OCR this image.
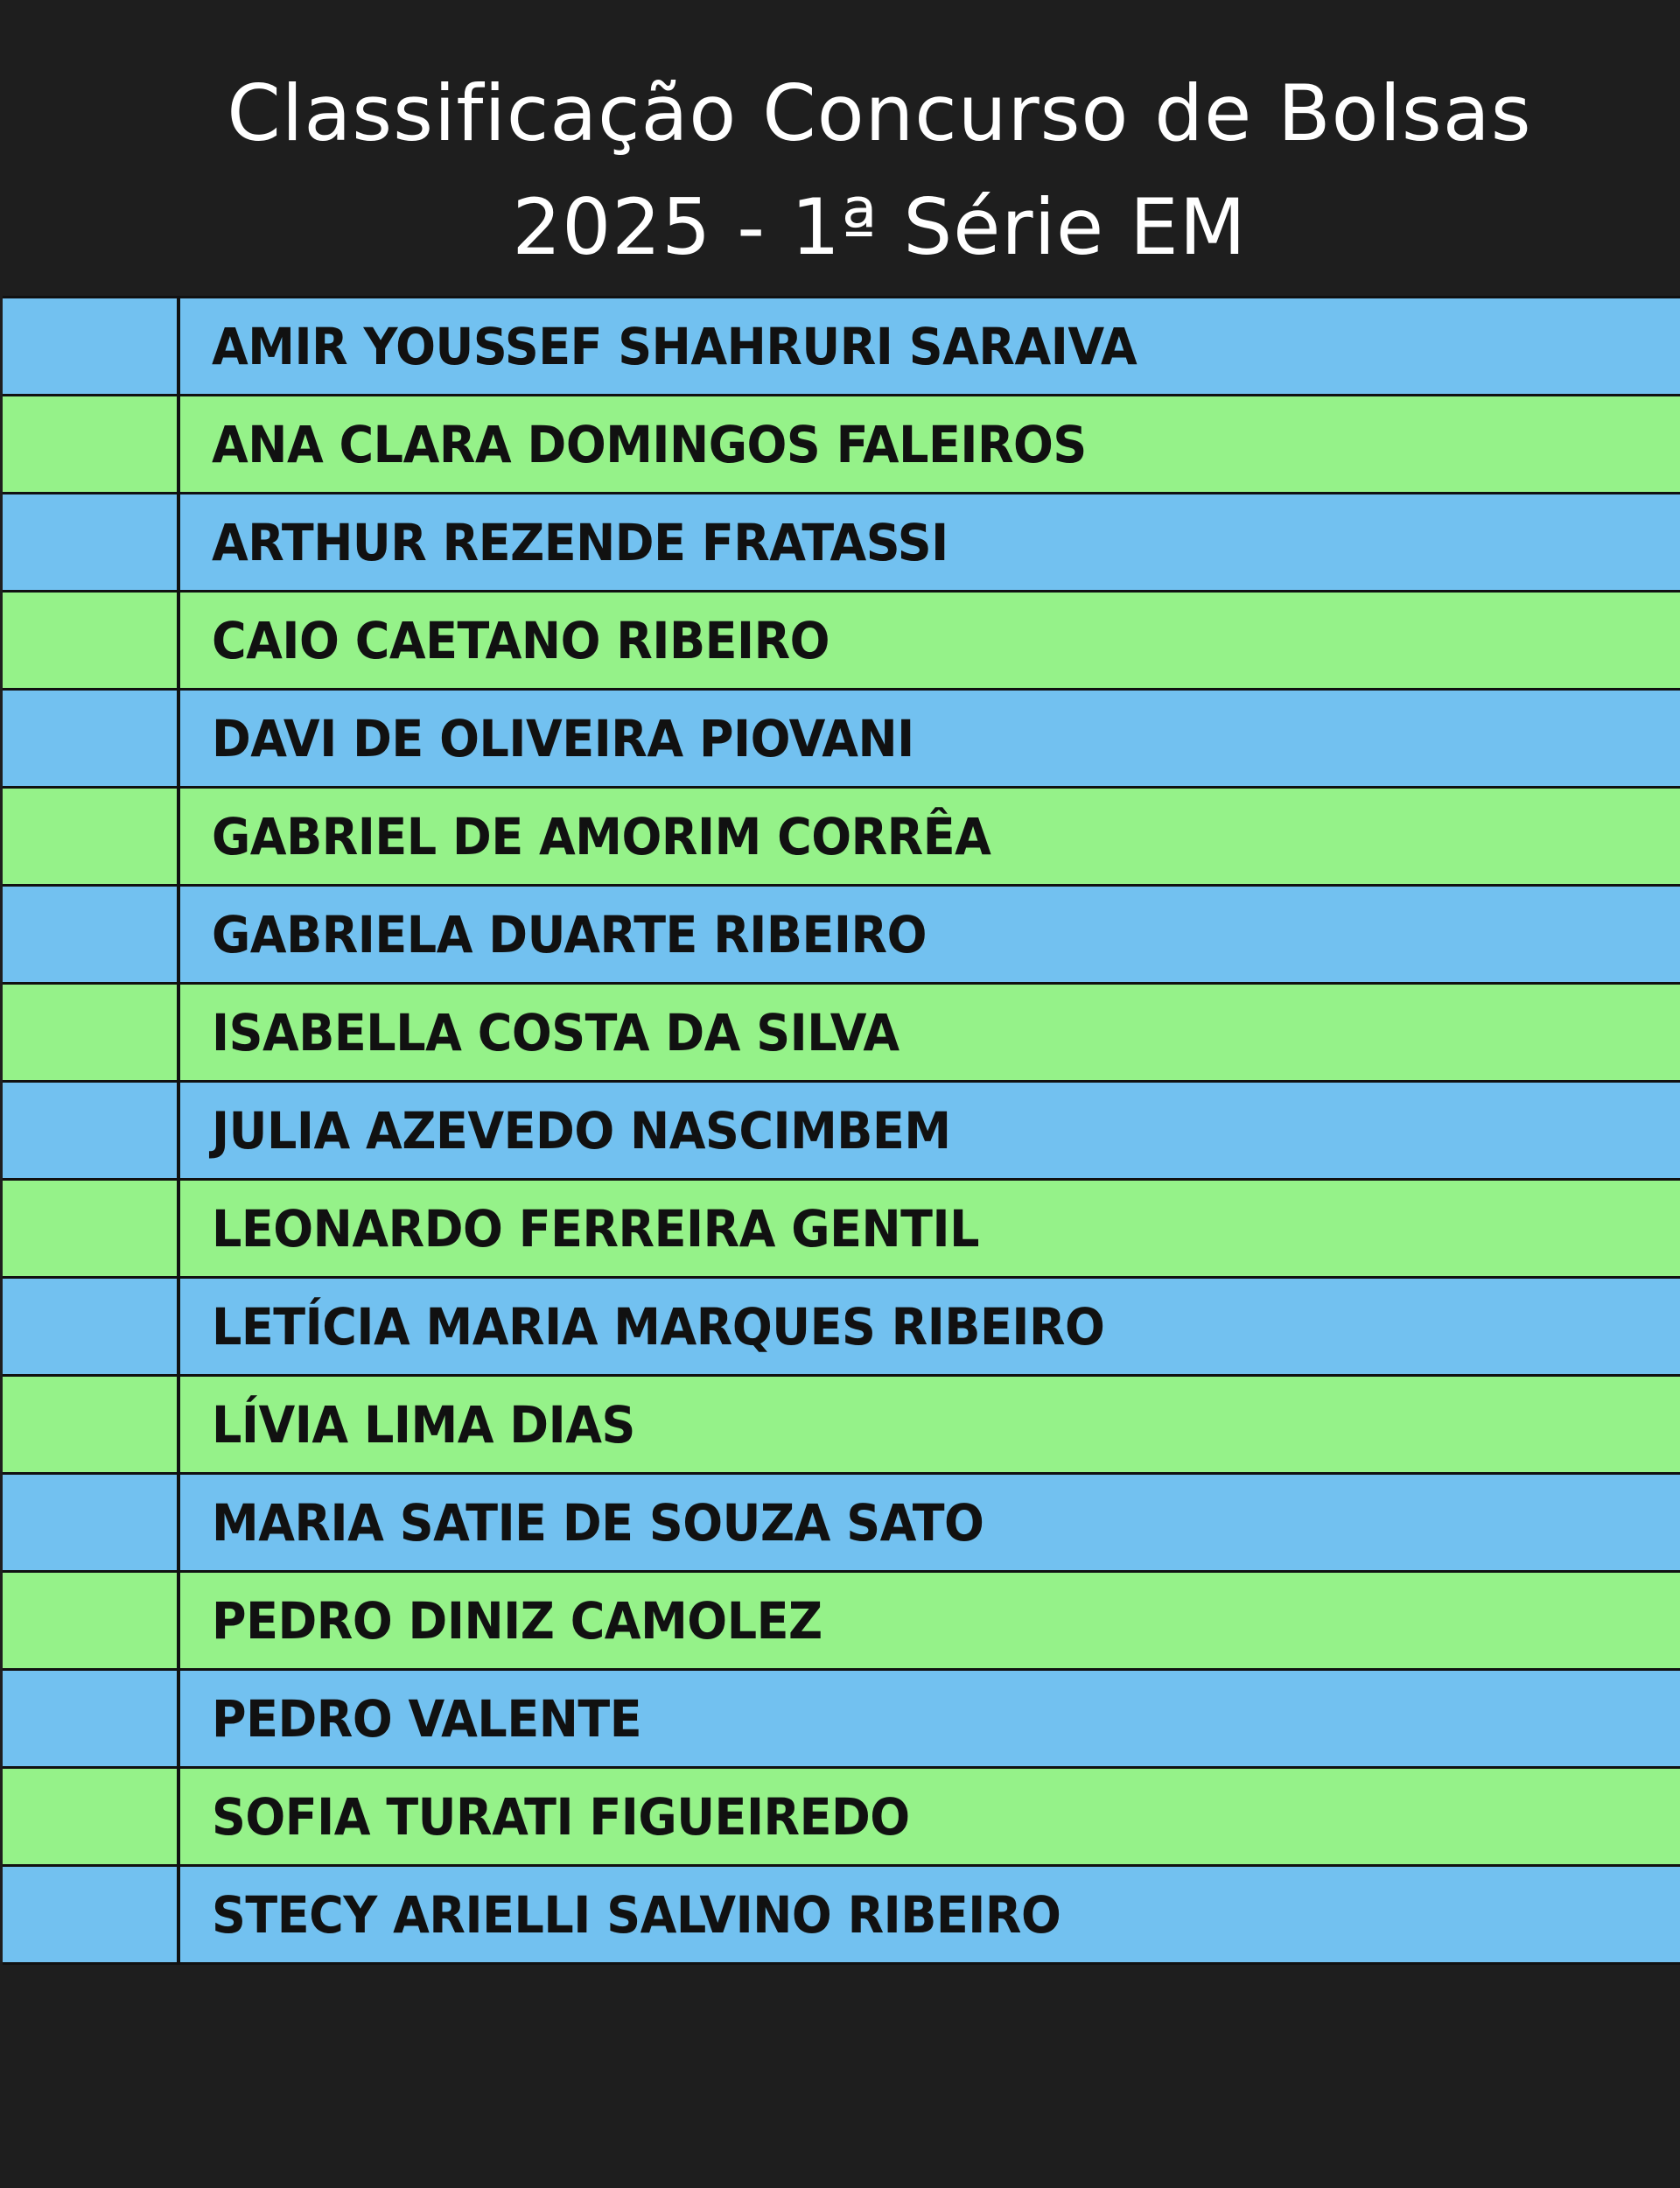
Classificação Concurso de Bolsas
2025 - 1ª Série EM
AMIR YOUSSEF SHAHRURI SARAIVA
ANA CLARA DOMINGOS FALEIROS
ARTHUR REZENDE FRATASSI
CAIO CAETANO RIBEIRO
DAVI DE OLIVEIRA PIOVANI
GABRIEL DE AMORIM CORRÊA
GABRIELA DUARTE RIBEIRO
ISABELLA COSTA DA SILVA
JULIA AZEVEDO NASCIMBEM
LEONARDO FERREIRA GENTIL
LETÍCIA MARIA MARQUES RIBEIRO
LÍVIA LIMA DIAS
MARIA SATIE DE SOUZA SATO
PEDRO DINIZ CAMOLEZ
PEDRO VALENTE
SOFIA TURATI FIGUEIREDO
STECY ARIELLI SALVINO RIBEIRO
